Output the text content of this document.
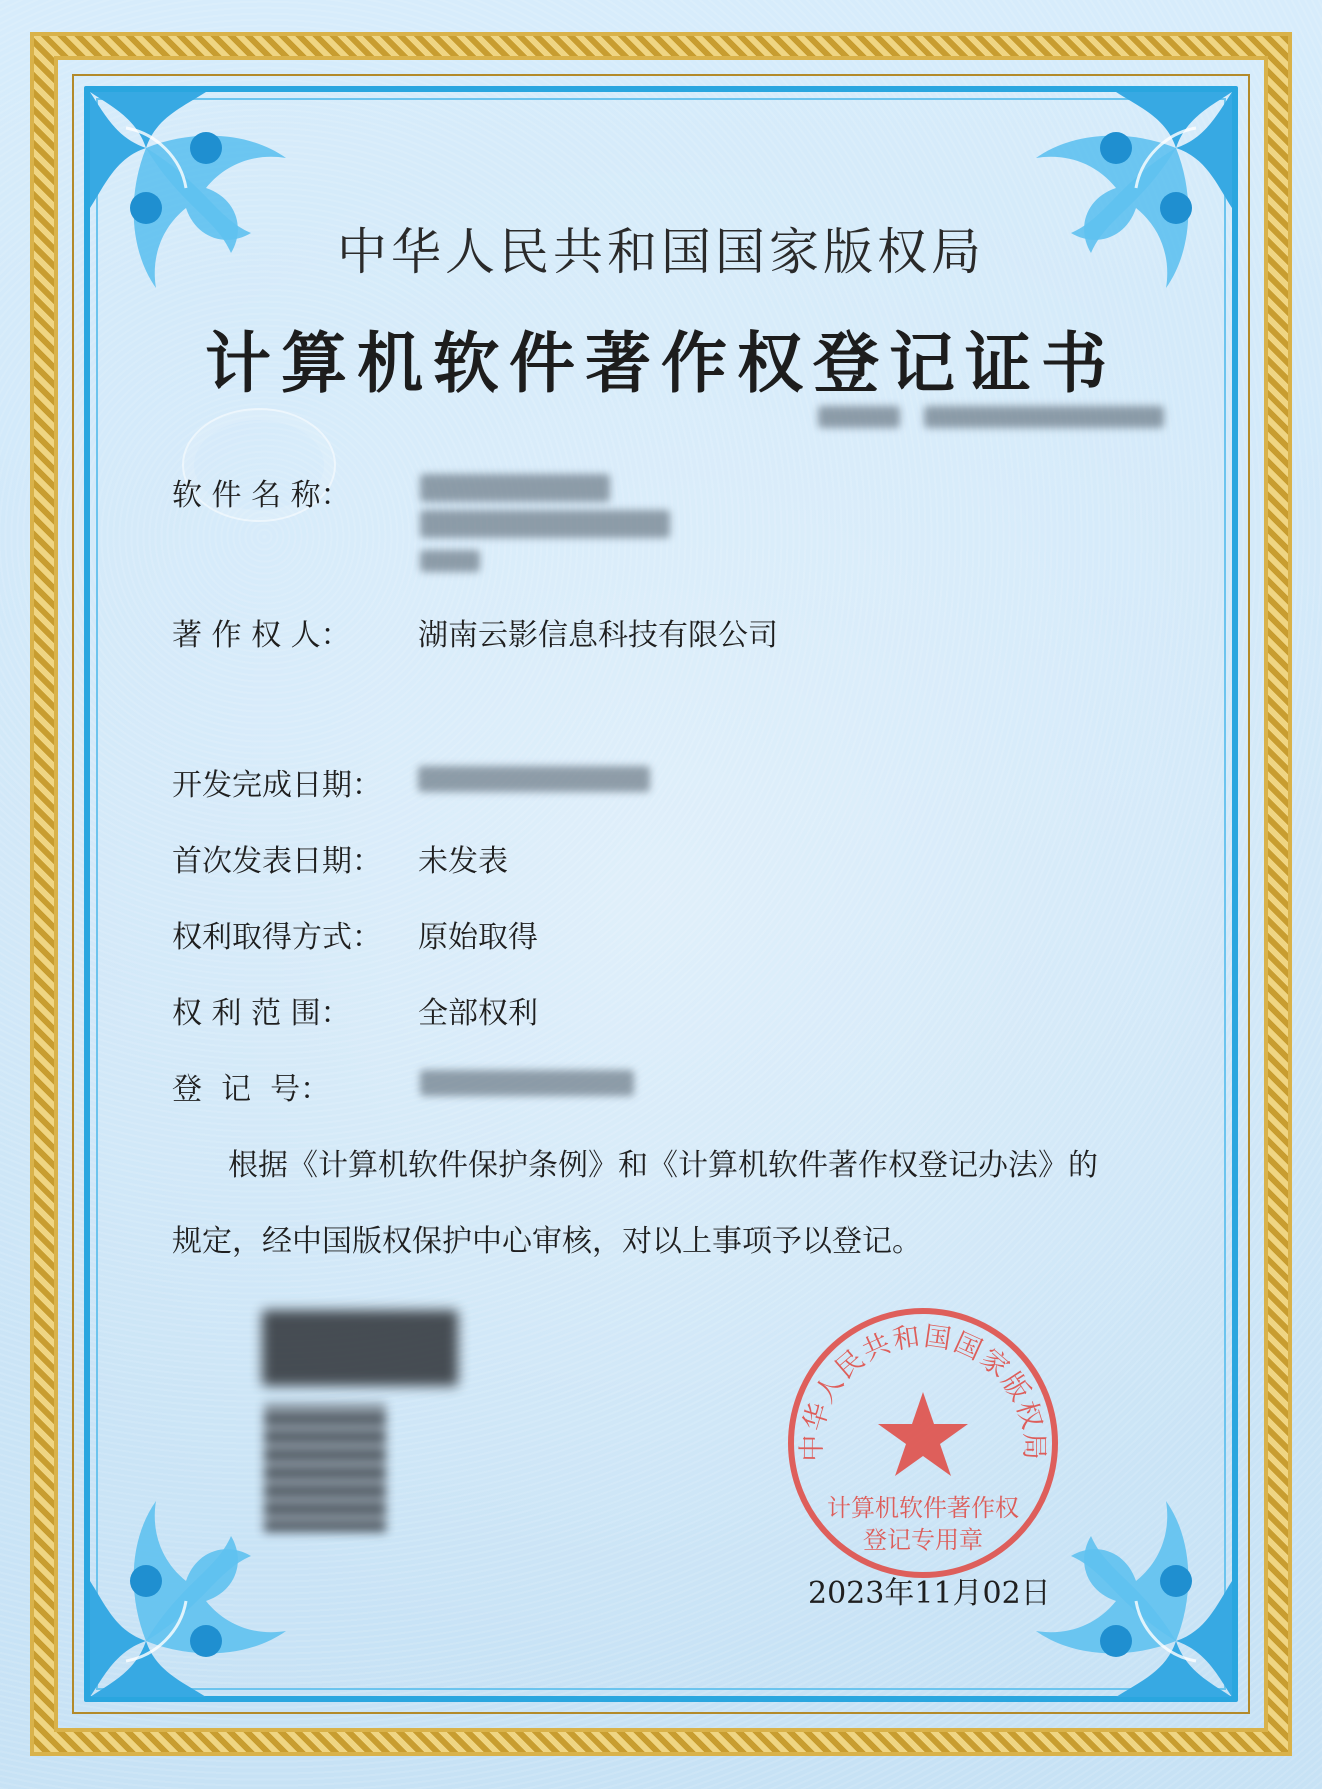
中华人民共和国国家版权局
计算机软件著作权登记证书
软 件 名 称：
著 作 权 人：	湖南云影信息科技有限公司
开发完成日期：
首次发表日期：	未发表
权利取得方式：	原始取得
权 利 范 围：	全部权利
登  记  号：
根据《计算机软件保护条例》和《计算机软件著作权登记办法》的
规定，经中国版权保护中心审核，对以上事项予以登记。
中华人民共和国国家版权局
计算机软件著作权
登记专用章
2023年11月02日
